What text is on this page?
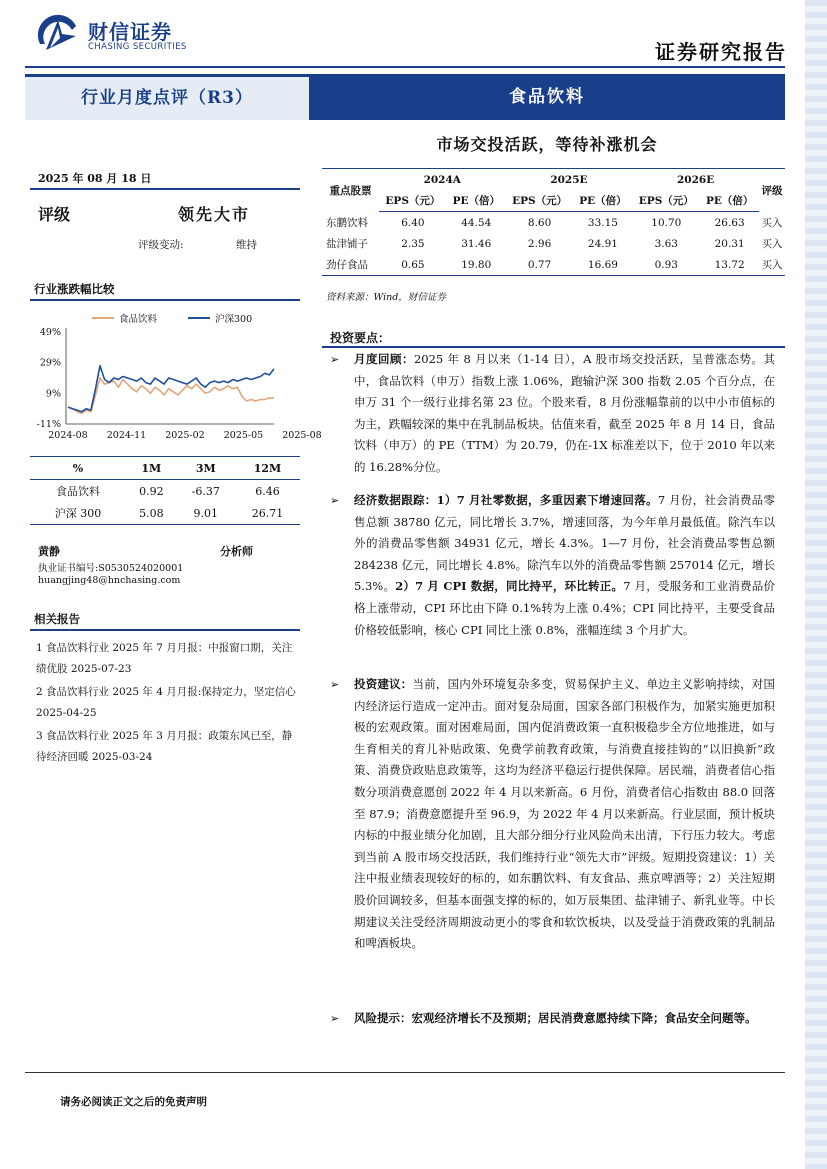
财信证券
CHASING SECURITIES	证券研究报告
行业月度点评（R3）	食品饮料
市场交投活跃，等待补涨机会
2025 年 08 月 18 日
评级	领先大市
评级变动:	维持
行业涨跌幅比较
食品饮料	沪深300
49%
29%
9%
-11%
2024-08 2024-11 2025-02 2025-05 2025-08
%	1M	3M	12M
食品饮料	0.92	-6.37	6.46
沪深 300	5.08	9.01	26.71
黄静	分析师
执业证书编号:S0530524020001
huangjing48@hnchasing.com
相关报告
1 食品饮料行业 2025 年 7 月月报：中报窗口期，关注绩优股 2025-07-23
2 食品饮料行业 2025 年 4 月月报:保持定力，坚定信心 2025-04-25
3 食品饮料行业 2025 年 3 月月报：政策东风已至，静待经济回暖 2025-03-24
重点股票	2024A		2025E		2026E		评级
	EPS（元）	PE（倍）	EPS（元）	PE（倍）	EPS（元）	PE（倍）	
东鹏饮料	6.40	44.54	8.60	33.15	10.70	26.63	买入
盐津铺子	2.35	31.46	2.96	24.91	3.63	20.31	买入
劲仔食品	0.65	19.80	0.77	16.69	0.93	13.72	买入
资料来源：Wind，财信证券
投资要点：
➢ 月度回顾：2025 年 8 月以来（1-14 日），A 股市场交投活跃，呈普涨态势。其中，食品饮料（申万）指数上涨 1.06%，跑输沪深 300 指数 2.05 个百分点，在申万 31 个一级行业排名第 23 位。个股来看，8 月份涨幅靠前的以中小市值标的为主，跌幅较深的集中在乳制品板块。估值来看，截至 2025 年 8 月 14 日，食品饮料（申万）的 PE（TTM）为 20.79，仍在-1X 标准差以下，位于 2010 年以来的 16.28%分位。
➢ 经济数据跟踪：1）7 月社零数据，多重因素下增速回落。7 月份，社会消费品零售总额 38780 亿元，同比增长 3.7%，增速回落，为今年单月最低值。除汽车以外的消费品零售额 34931 亿元，增长 4.3%。1—7 月份，社会消费品零售总额 284238 亿元，同比增长 4.8%。除汽车以外的消费品零售额 257014 亿元，增长 5.3%。2）7 月 CPI 数据，同比持平，环比转正。7 月，受服务和工业消费品价格上涨带动，CPI 环比由下降 0.1%转为上涨 0.4%；CPI 同比持平，主要受食品价格较低影响，核心 CPI 同比上涨 0.8%，涨幅连续 3 个月扩大。
➢ 投资建议：当前，国内外环境复杂多变，贸易保护主义、单边主义影响持续，对国内经济运行造成一定冲击。面对复杂局面，国家各部门积极作为，加紧实施更加积极的宏观政策。面对困难局面，国内促消费政策一直积极稳步全方位地推进，如与生育相关的育儿补贴政策、免费学前教育政策，与消费直接挂钩的“以旧换新”政策、消费贷政贴息政策等，这均为经济平稳运行提供保障。居民端，消费者信心指数分项消费意愿创 2022 年 4 月以来新高。6 月份，消费者信心指数由 88.0 回落至 87.9；消费意愿提升至 96.9，为 2022 年 4 月以来新高。行业层面，预计板块内标的中报业绩分化加剧，且大部分细分行业风险尚未出清，下行压力较大。考虑到当前 A 股市场交投活跃，我们维持行业“领先大市”评级。短期投资建议：1）关注中报业绩表现较好的标的，如东鹏饮料、有友食品、燕京啤酒等；2）关注短期股价回调较多，但基本面强支撑的标的，如万辰集团、盐津铺子、新乳业等。中长期建议关注受经济周期波动更小的零食和软饮板块，以及受益于消费政策的乳制品和啤酒板块。
➢ 风险提示：宏观经济增长不及预期；居民消费意愿持续下降；食品安全问题等。
请务必阅读正文之后的免责声明
